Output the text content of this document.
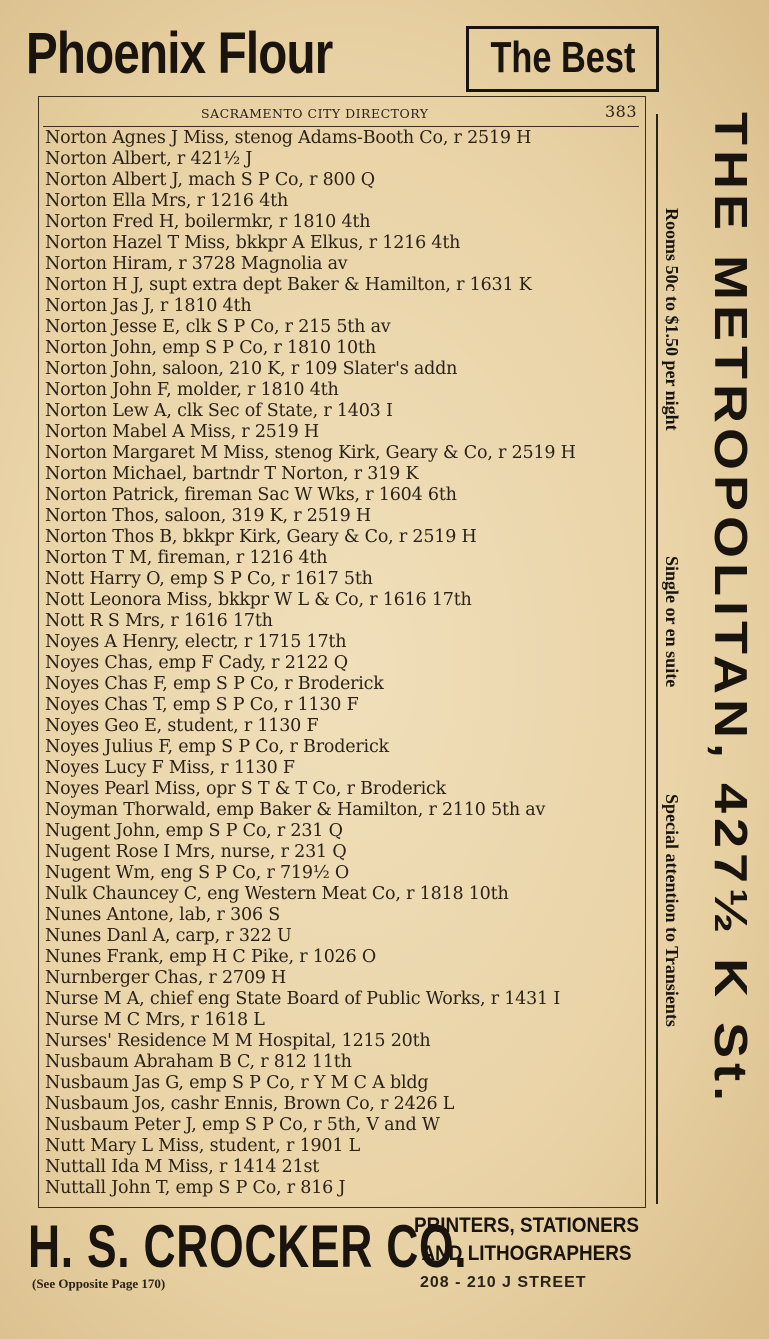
Phoenix Flour	The Best
SACRAMENTO CITY DIRECTORY	383
Norton Agnes J Miss, stenog Adams-Booth Co, r 2519 H
Norton Albert, r 421½ J
Norton Albert J, mach S P Co, r 800 Q
Norton Ella Mrs, r 1216 4th
Norton Fred H, boilermkr, r 1810 4th
Norton Hazel T Miss, bkkpr A Elkus, r 1216 4th
Norton Hiram, r 3728 Magnolia av
Norton H J, supt extra dept Baker & Hamilton, r 1631 K
Norton Jas J, r 1810 4th
Norton Jesse E, clk S P Co, r 215 5th av
Norton John, emp S P Co, r 1810 10th
Norton John, saloon, 210 K, r 109 Slater's addn
Norton John F, molder, r 1810 4th
Norton Lew A, clk Sec of State, r 1403 I
Norton Mabel A Miss, r 2519 H
Norton Margaret M Miss, stenog Kirk, Geary & Co, r 2519 H
Norton Michael, bartndr T Norton, r 319 K
Norton Patrick, fireman Sac W Wks, r 1604 6th
Norton Thos, saloon, 319 K, r 2519 H
Norton Thos B, bkkpr Kirk, Geary & Co, r 2519 H
Norton T M, fireman, r 1216 4th
Nott Harry O, emp S P Co, r 1617 5th
Nott Leonora Miss, bkkpr W L & Co, r 1616 17th
Nott R S Mrs, r 1616 17th
Noyes A Henry, electr, r 1715 17th
Noyes Chas, emp F Cady, r 2122 Q
Noyes Chas F, emp S P Co, r Broderick
Noyes Chas T, emp S P Co, r 1130 F
Noyes Geo E, student, r 1130 F
Noyes Julius F, emp S P Co, r Broderick
Noyes Lucy F Miss, r 1130 F
Noyes Pearl Miss, opr S T & T Co, r Broderick
Noyman Thorwald, emp Baker & Hamilton, r 2110 5th av
Nugent John, emp S P Co, r 231 Q
Nugent Rose I Mrs, nurse, r 231 Q
Nugent Wm, eng S P Co, r 719½ O
Nulk Chauncey C, eng Western Meat Co, r 1818 10th
Nunes Antone, lab, r 306 S
Nunes Danl A, carp, r 322 U
Nunes Frank, emp H C Pike, r 1026 O
Nurnberger Chas, r 2709 H
Nurse M A, chief eng State Board of Public Works, r 1431 I
Nurse M C Mrs, r 1618 L
Nurses' Residence M M Hospital, 1215 20th
Nusbaum Abraham B C, r 812 11th
Nusbaum Jas G, emp S P Co, r Y M C A bldg
Nusbaum Jos, cashr Ennis, Brown Co, r 2426 L
Nusbaum Peter J, emp S P Co, r 5th, V and W
Nutt Mary L Miss, student, r 1901 L
Nuttall Ida M Miss, r 1414 21st
Nuttall John T, emp S P Co, r 816 J
THE METROPOLITAN, 427½ K St.
Rooms 50c to $1.50 per night
Single or en suite
Special attention to Transients
H. S. CROCKER CO.
PRINTERS, STATIONERS
AND LITHOGRAPHERS
(See Opposite Page 170)	208 - 210 J STREET
